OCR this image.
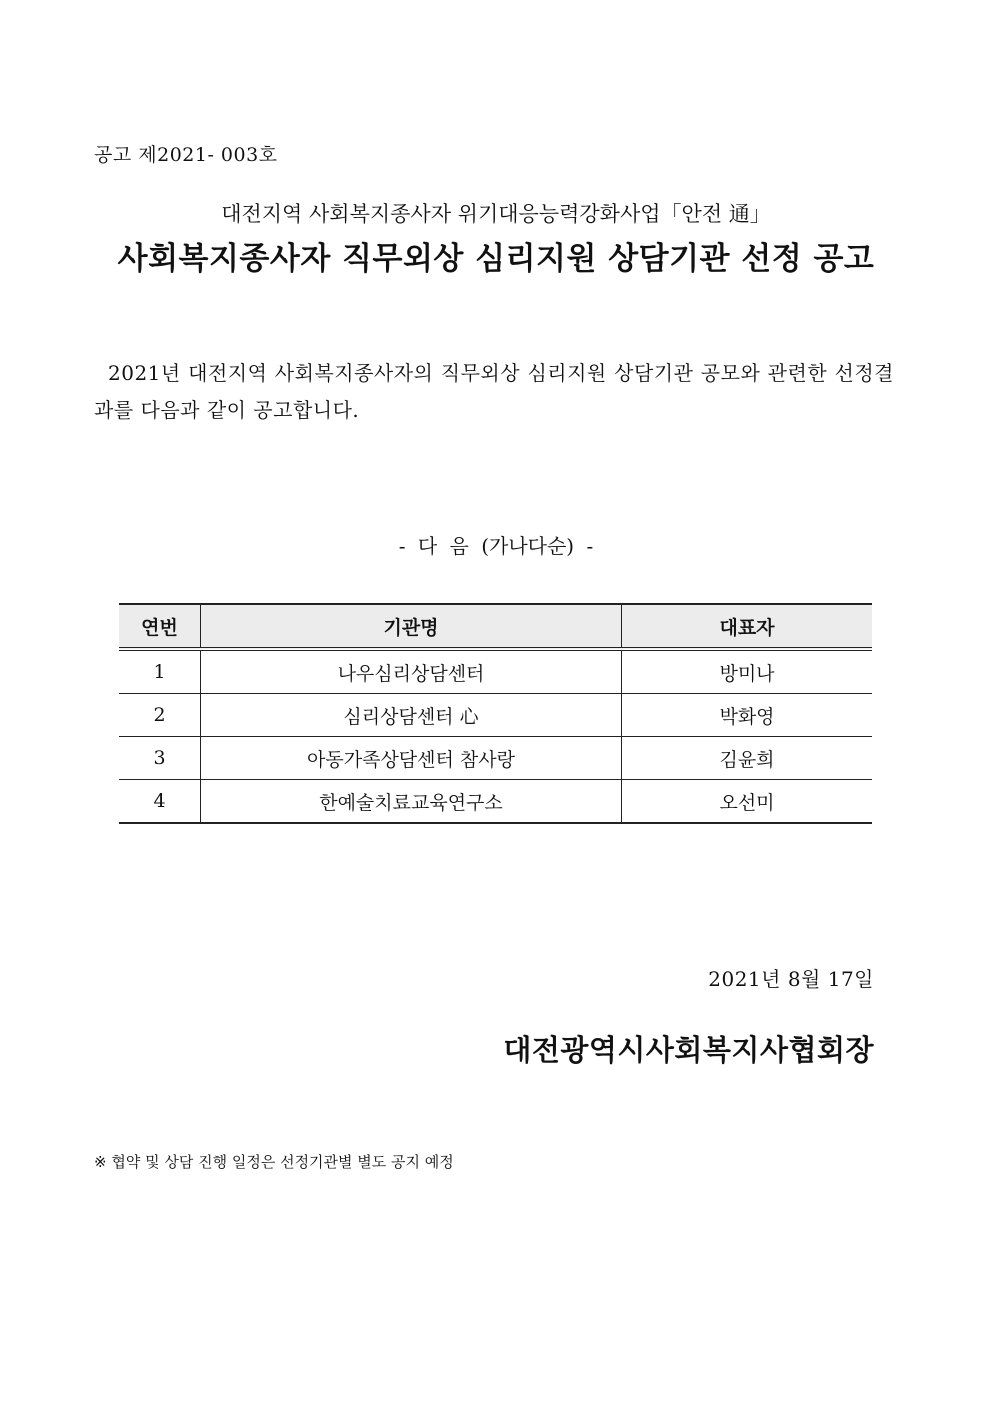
공고 제2021- 003호
대전지역 사회복지종사자 위기대응능력강화사업「안전 通」
사회복지종사자 직무외상 심리지원 상담기관 선정 공고
2021년 대전지역 사회복지종사자의 직무외상 심리지원 상담기관 공모와 관련한 선정결과를 다음과 같이 공고합니다.
- 다 음 (가나다순) -
연번	기관명	대표자
1	나우심리상담센터	방미나
2	심리상담센터 心	박화영
3	아동가족상담센터 참사랑	김윤희
4	한예술치료교육연구소	오선미
2021년 8월 17일
대전광역시사회복지사협회장
※ 협약 및 상담 진행 일정은 선정기관별 별도 공지 예정
